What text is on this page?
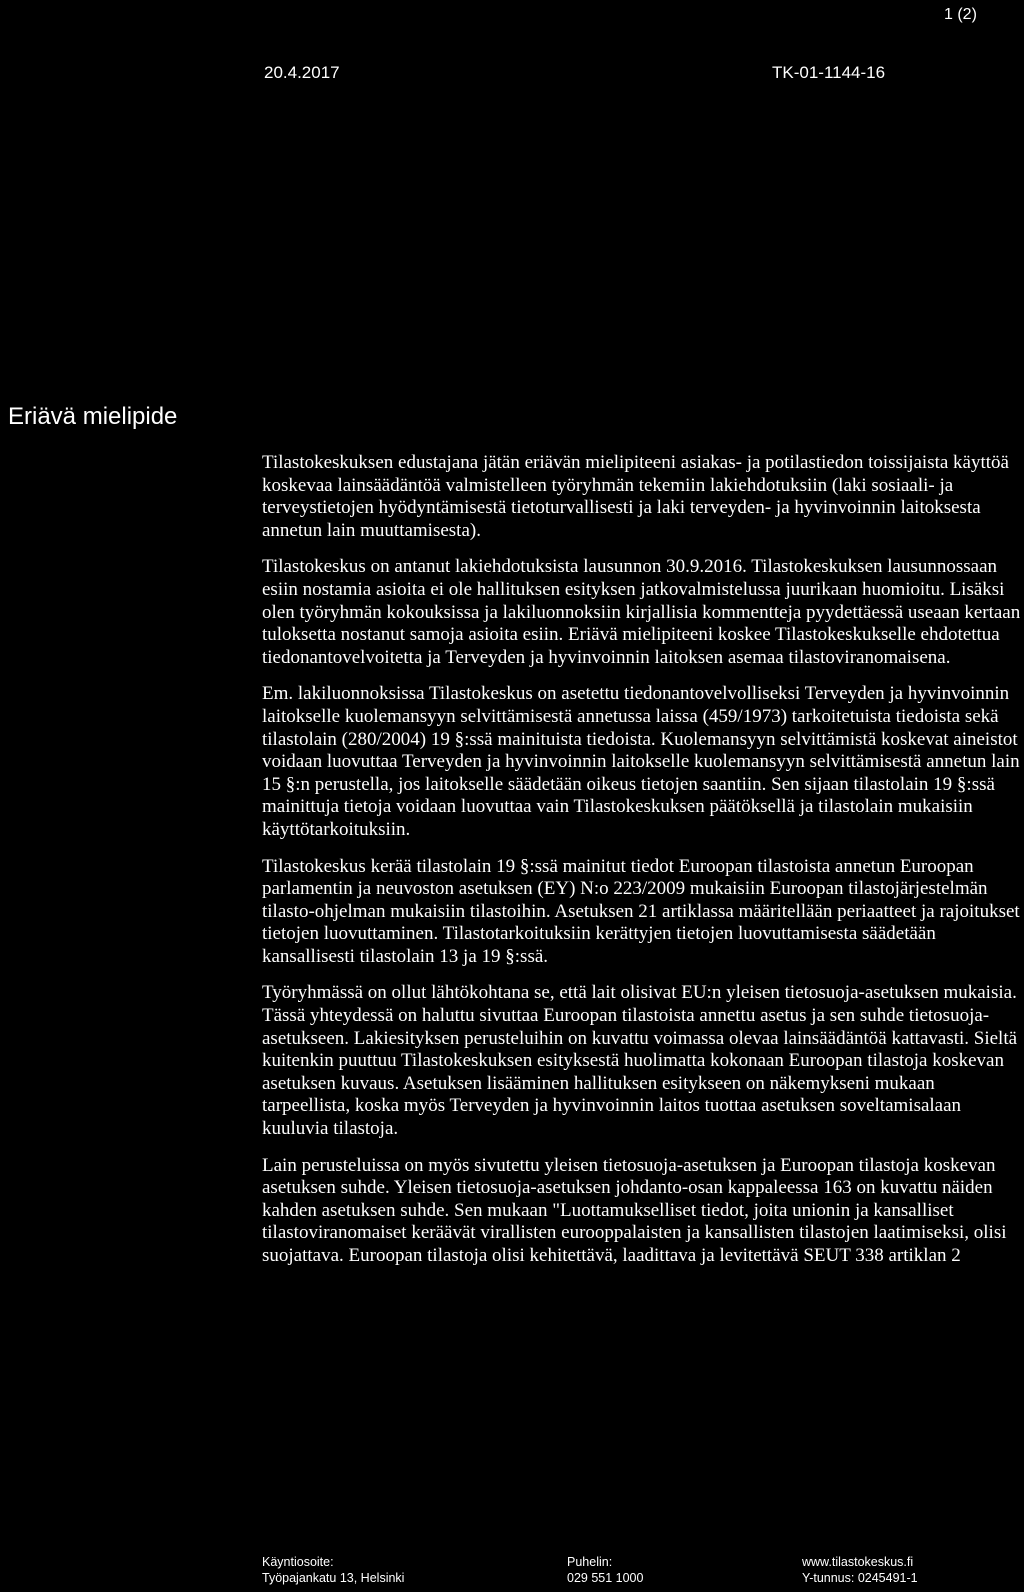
1 (2)
20.4.2017	TK-01-1144-16
Eriävä mielipide

Tilastokeskuksen edustajana jätän eriävän mielipiteeni asiakas- ja potilastiedon toissijaista käyttöä koskevaa lainsäädäntöä valmistelleen työryhmän tekemiin lakiehdotuksiin (laki sosiaali- ja terveystietojen hyödyntämisestä tietoturvallisesti ja laki terveyden- ja hyvinvoinnin laitoksesta annetun lain muuttamisesta).

Tilastokeskus on antanut lakiehdotuksista lausunnon 30.9.2016. Tilastokeskuksen lausunnossaan esiin nostamia asioita ei ole hallituksen esityksen jatkovalmistelussa juurikaan huomioitu. Lisäksi olen työryhmän kokouksissa ja lakiluonnoksiin kirjallisia kommentteja pyydettäessä useaan kertaan tuloksetta nostanut samoja asioita esiin. Eriävä mielipiteeni koskee Tilastokeskukselle ehdotettua tiedonantovelvoitetta ja Terveyden ja hyvinvoinnin laitoksen asemaa tilastoviranomaisena.

Em. lakiluonnoksissa Tilastokeskus on asetettu tiedonantovelvolliseksi Terveyden ja hyvinvoinnin laitokselle kuolemansyyn selvittämisestä annetussa laissa (459/1973) tarkoitetuista tiedoista sekä tilastolain (280/2004) 19 §:ssä mainituista tiedoista. Kuolemansyyn selvittämistä koskevat aineistot voidaan luovuttaa Terveyden ja hyvinvoinnin laitokselle kuolemansyyn selvittämisestä annetun lain 15 §:n perustella, jos laitokselle säädetään oikeus tietojen saantiin. Sen sijaan tilastolain 19 §:ssä mainittuja tietoja voidaan luovuttaa vain Tilastokeskuksen päätöksellä ja tilastolain mukaisiin käyttötarkoituksiin.

Tilastokeskus kerää tilastolain 19 §:ssä mainitut tiedot Euroopan tilastoista annetun Euroopan parlamentin ja neuvoston asetuksen (EY) N:o 223/2009 mukaisiin Euroopan tilastojärjestelmän tilasto-ohjelman mukaisiin tilastoihin. Asetuksen 21 artiklassa määritellään periaatteet ja rajoitukset tietojen luovuttaminen. Tilastotarkoituksiin kerättyjen tietojen luovuttamisesta säädetään kansallisesti tilastolain 13 ja 19 §:ssä.

Työryhmässä on ollut lähtökohtana se, että lait olisivat EU:n yleisen tietosuoja-asetuksen mukaisia. Tässä yhteydessä on haluttu sivuttaa Euroopan tilastoista annettu asetus ja sen suhde tietosuoja-asetukseen. Lakiesityksen perusteluihin on kuvattu voimassa olevaa lainsäädäntöä kattavasti. Sieltä kuitenkin puuttuu Tilastokeskuksen esityksestä huolimatta kokonaan Euroopan tilastoja koskevan asetuksen kuvaus. Asetuksen lisääminen hallituksen esitykseen on näkemykseni mukaan tarpeellista, koska myös Terveyden ja hyvinvoinnin laitos tuottaa asetuksen soveltamisalaan kuuluvia tilastoja.

Lain perusteluissa on myös sivutettu yleisen tietosuoja-asetuksen ja Euroopan tilastoja koskevan asetuksen suhde. Yleisen tietosuoja-asetuksen johdanto-osan kappaleessa 163 on kuvattu näiden kahden asetuksen suhde. Sen mukaan "Luottamukselliset tiedot, joita unionin ja kansalliset tilastoviranomaiset keräävät virallisten eurooppalaisten ja kansallisten tilastojen laatimiseksi, olisi suojattava. Euroopan tilastoja olisi kehitettävä, laadittava ja levitettävä SEUT 338 artiklan 2

Käyntiosoite:
Työpajankatu 13, Helsinki
Puhelin:
029 551 1000
www.tilastokeskus.fi
Y-tunnus: 0245491-1
